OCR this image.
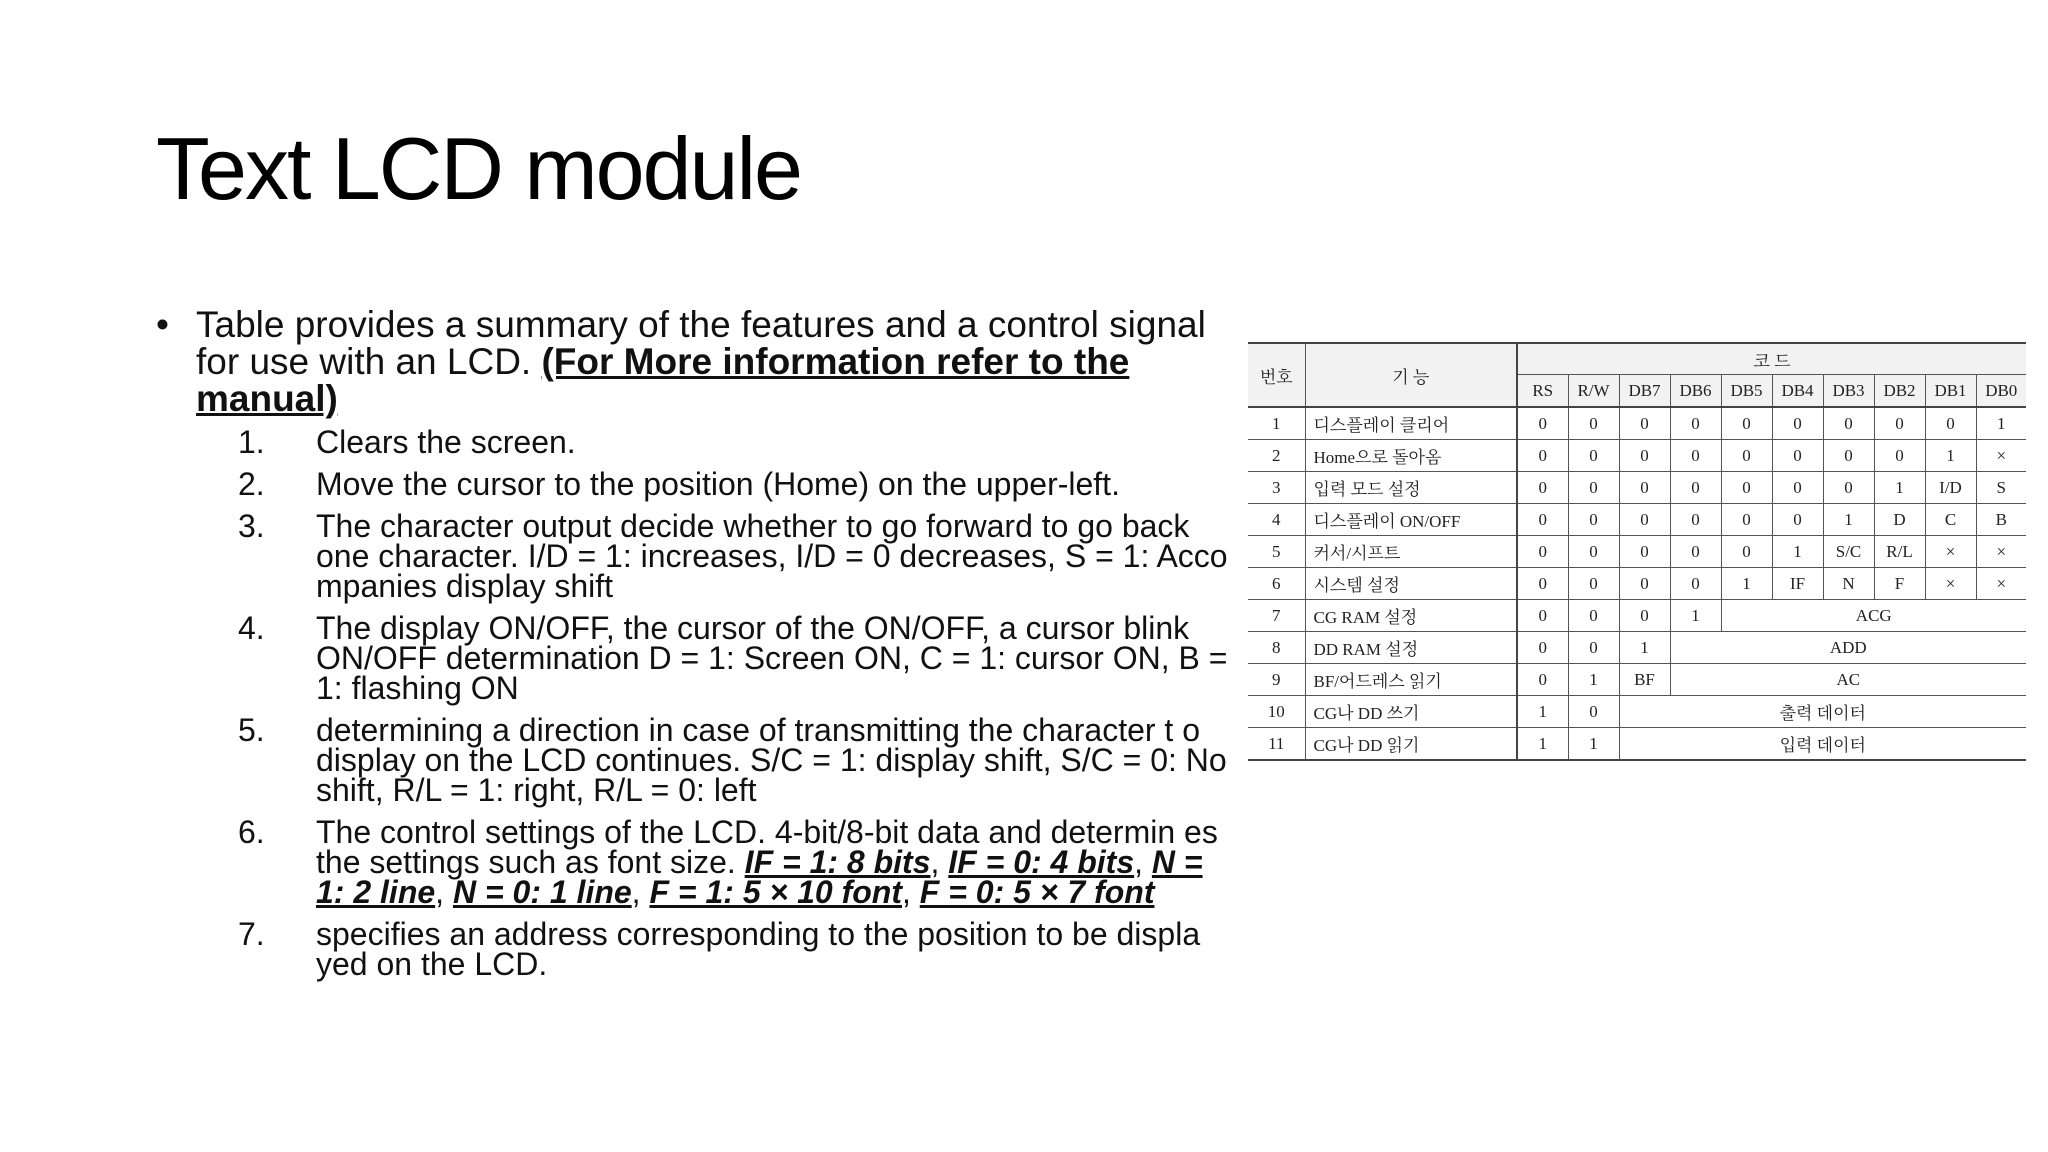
Text LCD module
• Table provides a summary of the features and a control signal for use with an LCD. (For More information refer to the manual)
1.	Clears the screen.
2.	Move the cursor to the position (Home) on the upper-left.
3.	The character output decide whether to go forward to go back one character. I/D = 1: increases, I/D = 0 decreases, S = 1: Acco mpanies display shift
4.	The display ON/OFF, the cursor of the ON/OFF, a cursor blink ON/OFF determination D = 1: Screen ON, C = 1: cursor ON, B = 1: flashing ON
5.	determining a direction in case of transmitting the character t o display on the LCD continues. S/C = 1: display shift, S/C = 0: No shift, R/L = 1: right, R/L = 0: left
6.	The control settings of the LCD. 4-bit/8-bit data and determin es the settings such as font size. IF = 1: 8 bits, IF = 0: 4 bits, N = 1: 2 line, N = 0: 1 line, F = 1: 5 × 10 font, F = 0: 5 × 7 font
7.	specifies an address corresponding to the position to be displa yed on the LCD.
번호	기 능	코 드									
		RS	R/W	DB7	DB6	DB5	DB4	DB3	DB2	DB1	DB0
1	디스플레이 클리어	0	0	0	0	0	0	0	0	0	1
2	Home으로 돌아옴	0	0	0	0	0	0	0	0	1	×
3	입력 모드 설정	0	0	0	0	0	0	0	1	I/D	S
4	디스플레이 ON/OFF	0	0	0	0	0	0	1	D	C	B
5	커서/시프트	0	0	0	0	0	1	S/C	R/L	×	×
6	시스템 설정	0	0	0	0	1	IF	N	F	×	×
7	CG RAM 설정	0	0	0	1	ACG					
8	DD RAM 설정	0	0	1	ADD						
9	BF/어드레스 읽기	0	1	BF	AC						
10	CG나 DD 쓰기	1	0	출력 데이터							
11	CG나 DD 읽기	1	1	입력 데이터							
